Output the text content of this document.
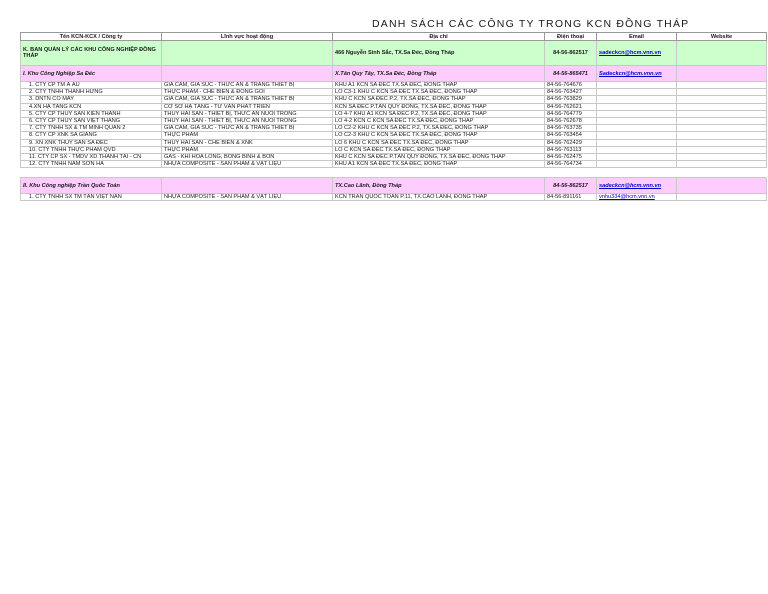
DANH SÁCH CÁC CÔNG TY TRONG KCN ĐỒNG THÁP
Tên KCN-KCX / Công ty	Lĩnh vực hoạt động	Địa chỉ	Điện thoại	Email	Website
K. BAN QUẢN LÝ CÁC KHU CÔNG NGHIỆP ĐỒNG THÁP		466 Nguyễn Sinh Sắc, TX.Sa Đéc, Đồng Tháp	84-56-862517	sadeckcn@hcm.vnn.vn	
I. Khu Công Nghiệp Sa Đéc		X.Tân Quy Tây, TX.Sa Đéc, Đồng Tháp	84-56-865471	Sadeckcn@hcm.vnn.vn	
1. CTY CP TM Á ÂU	GIA CẦM, GIA SÚC - THỨC ĂN & TRANG THIẾT BỊ	KHU A1 KCN SA ĐÉC TX.SA ĐÉC, ĐỒNG THÁP	84-56-764676		
2. CTY TNHH THÀNH HƯNG	THỰC PHẨM - CHẾ BIẾN & ĐÓNG GÓI	LÔ C3-1 KHU C KCN SA ĐÉC TX.SA ĐÉC, ĐỒNG THÁP	84-56-763427		
3. DNTN CỎ MAY	GIA CẦM, GIA SÚC - THỨC ĂN & TRANG THIẾT BỊ	KHU C KCN SA ĐÉC P.2, TX.SA ĐÉC, ĐỒNG THÁP	84-56-763829		
4.XN HẠ TẦNG KCN	CƠ SỞ HẠ TẦNG - TƯ VẤN PHÁT TRIỂN	KCN SA ĐÉC P.TÂN QUY ĐÔNG, TX.SA ĐÉC, ĐỒNG THÁP	84-56-762621		
5. CTY CP THỦY SẢN KIẾN THÀNH	THỦY HẢI SẢN - THIẾT BỊ, THỨC ĂN NUÔI TRỒNG	LÔ 4-7 KHU A1 KCN SA ĐÉC P.2, TX.SA ĐÉC, ĐỒNG THÁP	84-56-764779		
6. CTY CP THỦY SẢN VIỆT THẮNG	THỦY HẢI SẢN - THIẾT BỊ, THỨC ĂN NUÔI TRỒNG	LÔ 4-2 KCN C KCN SA ĐÉC TX.SA ĐÉC, ĐỒNG THÁP	84-56-762678		
7. CTY TNHH SX & TM MINH QUÂN 2	GIA CẦM, GIA SÚC - THỨC ĂN & TRANG THIẾT BỊ	LÔ C2-2 KHU C KCN SA ĐÉC P.2, TX.SA ĐÉC, ĐỒNG THÁP	84-56-763735		
8. CTY CP XNK SA GIANG	THỰC PHẨM	LÔ C2-3 KHU C KCN SA ĐÉC TX.SA ĐÉC, ĐỒNG THÁP	84-56-763454		
9. XN XNK THỦY SẢN SA ĐÉC	THỦY HẢI SẢN - CHẾ BIẾN & XNK	LÔ 6 KHU C KCN SA ĐÉC TX.SA ĐÉC, ĐỒNG THÁP	84-56-762429		
10. CTY TNHH THỰC PHẨM QVD	THỰC PHẨM	LÔ C KCN SA ĐÉC TX.SA ĐÉC, ĐỒNG THÁP	84-56-763113		
11. CTY CP SX - TMDV XD THÀNH TÀI - CN	GAS - KHÍ HÓA LỎNG, BÓNG BÌNH & BỒN	KHU C KCN SA ĐÉC P.TÂN QUY ĐÔNG, TX.SA ĐÉC, ĐỒNG THÁP	84-56-762475		
12. CTY TNHH NAM SƠN HÀ	NHỰA COMPOSITE - SẢN PHẨM & VẬT LIỆU	KHU A1 KCN SA ĐÉC TX.SA ĐÉC, ĐỒNG THÁP	84-56-764734		

II. Khu Công nghiệp Trần Quốc Toản		TX.Cao Lãnh, Đồng Tháp	84-56-862517	sadeckcn@hcm.vnn.vn	
1. CTY TNHH SX TM TÂN VIỆT NAN	NHỰA COMPOSITE - SẢN PHẨM & VẬT LIỆU	KCN TRẦN QUỐC TOẢN P.11, TX.CAO LÃNH, ĐỒNG THÁP	84-56-891161	vnhu334@hcm.vnn.vn	
